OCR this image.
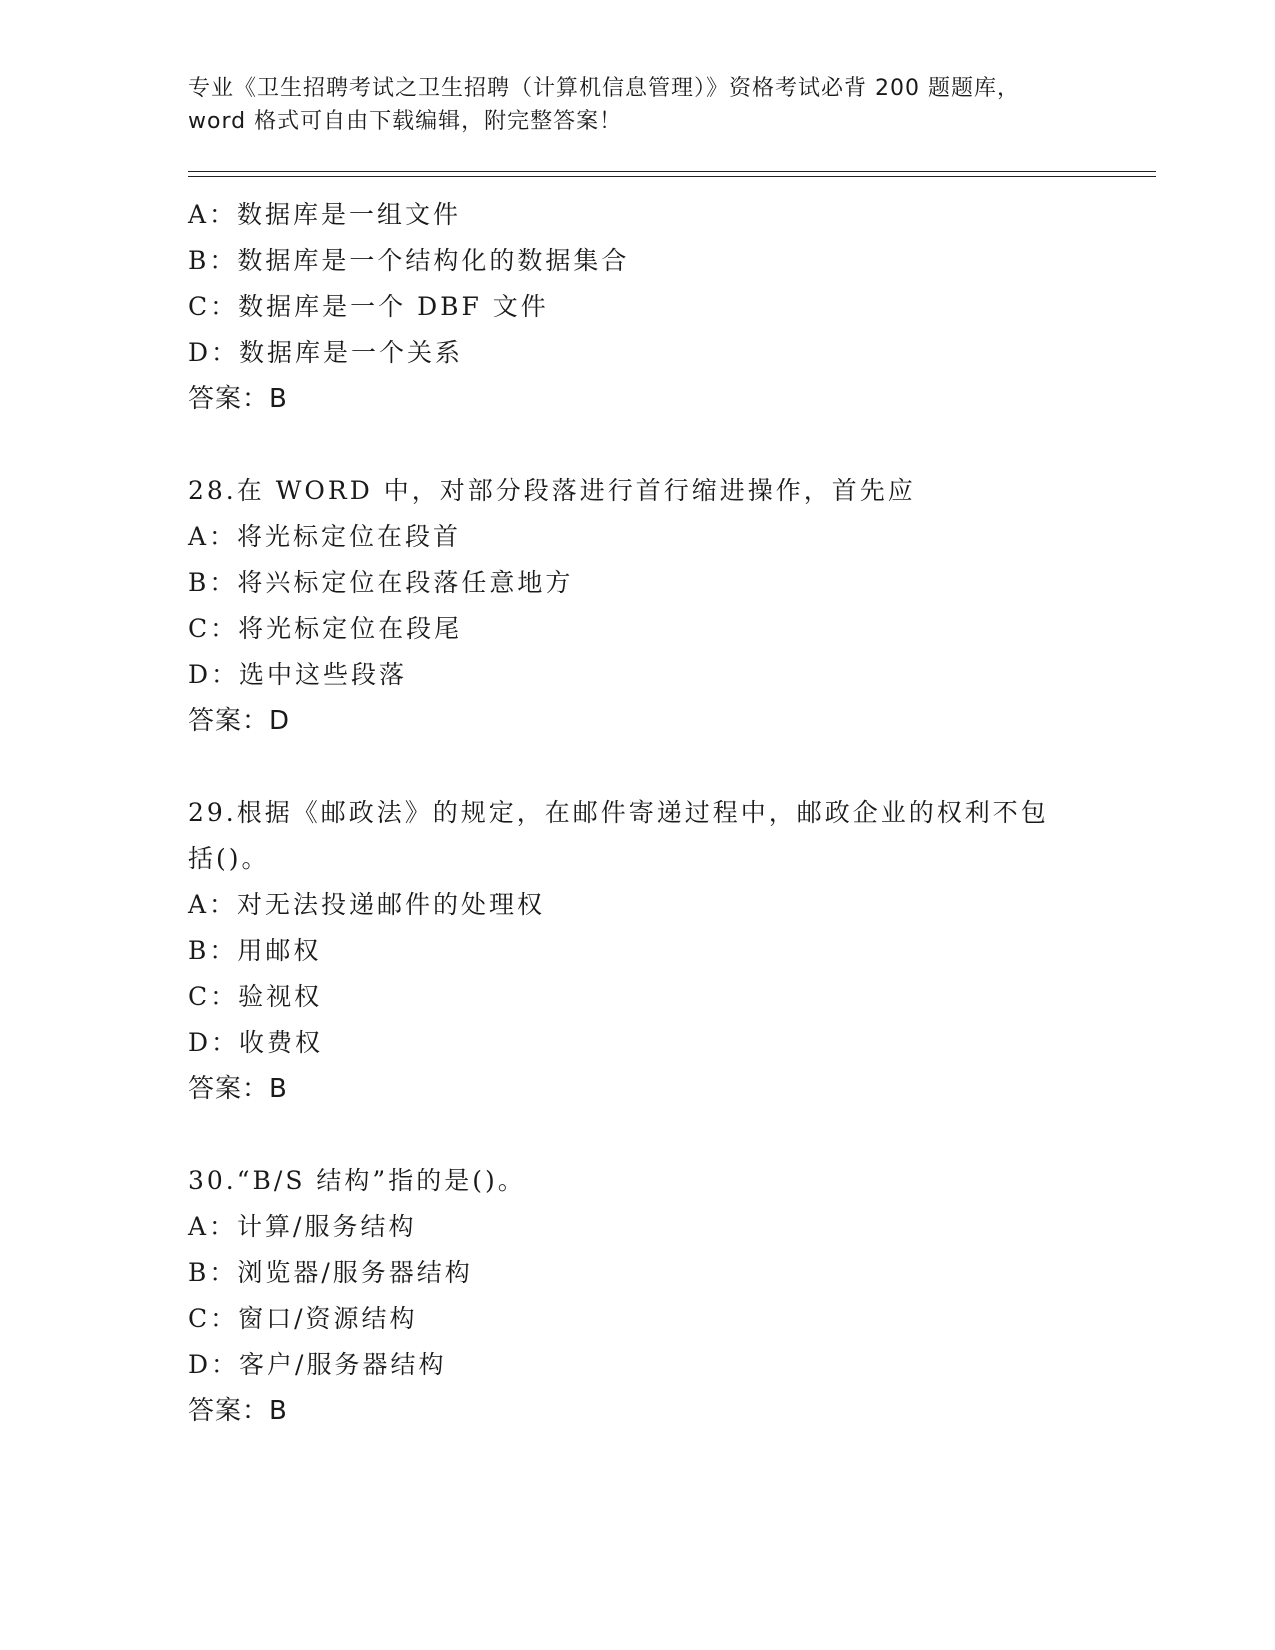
专业《卫生招聘考试之卫生招聘（计算机信息管理）》资格考试必背 200 题题库，
word 格式可自由下载编辑，附完整答案！
A：数据库是一组文件
B：数据库是一个结构化的数据集合
C：数据库是一个 DBF 文件
D：数据库是一个关系
答案：B
28.在 WORD 中，对部分段落进行首行缩进操作，首先应
A：将光标定位在段首
B：将兴标定位在段落任意地方
C：将光标定位在段尾
D：选中这些段落
答案：D
29.根据《邮政法》的规定，在邮件寄递过程中，邮政企业的权利不包
括()。
A：对无法投递邮件的处理权
B：用邮权
C：验视权
D：收费权
答案：B
30.“B/S 结构”指的是()。
A：计算/服务结构
B：浏览器/服务器结构
C：窗口/资源结构
D：客户/服务器结构
答案：B
